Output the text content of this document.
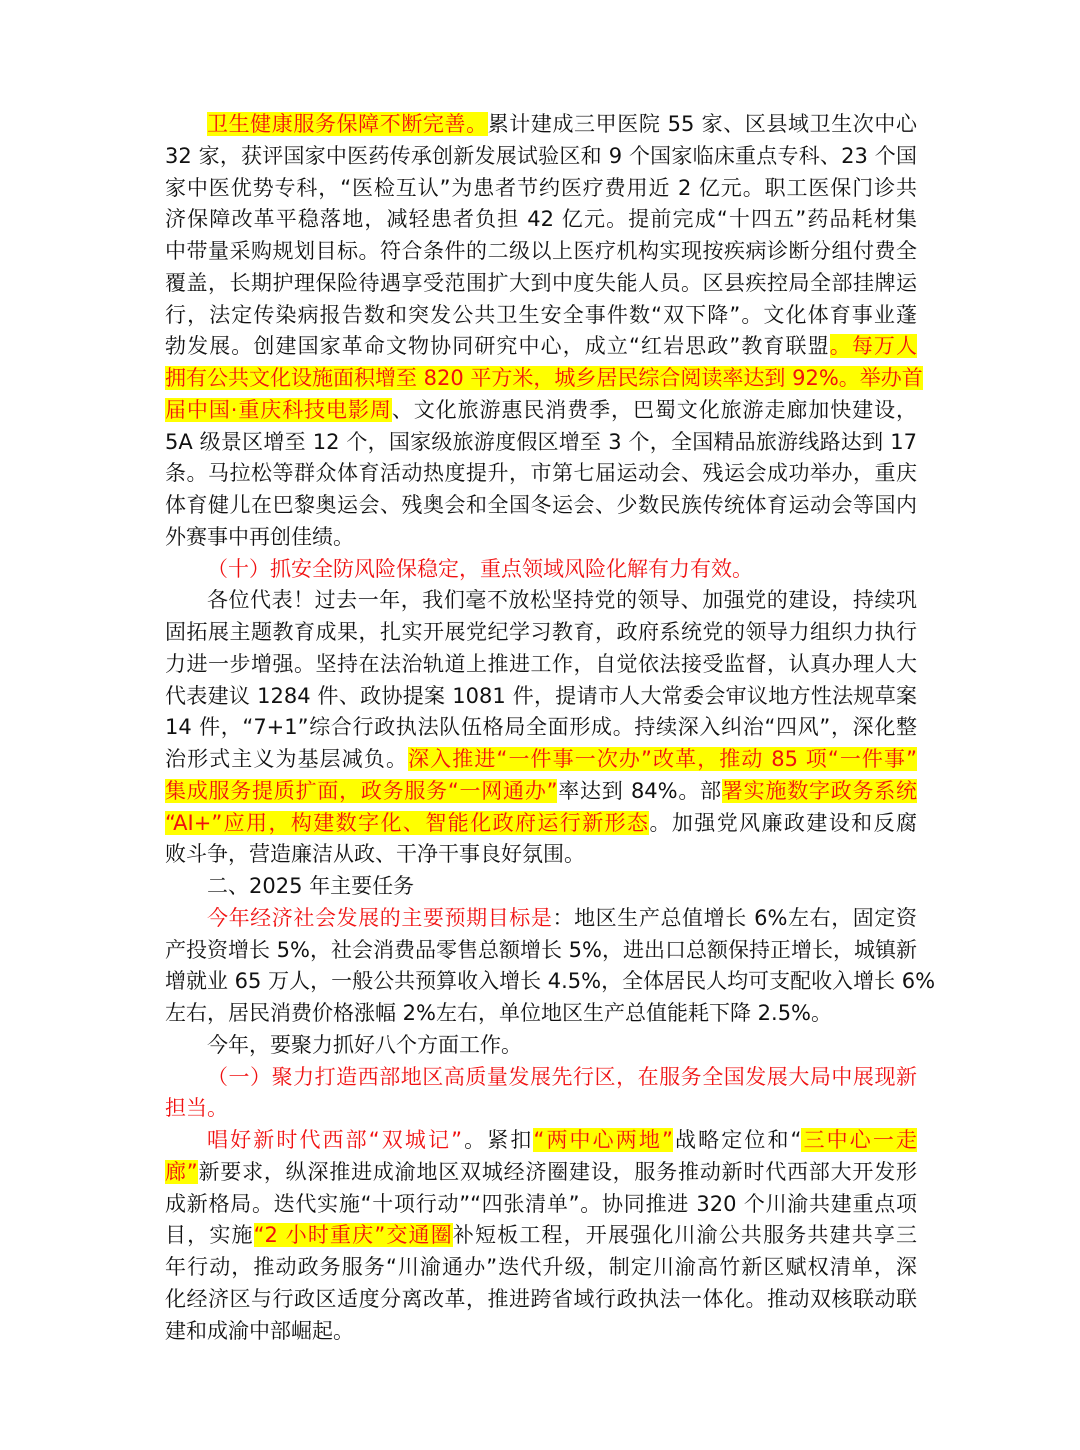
卫生健康服务保障不断完善。累计建成三甲医院 55 家、区县域卫生次中心
32 家，获评国家中医药传承创新发展试验区和 9 个国家临床重点专科、23 个国
家中医优势专科，“医检互认”为患者节约医疗费用近 2 亿元。职工医保门诊共
济保障改革平稳落地，减轻患者负担 42 亿元。提前完成“十四五”药品耗材集
中带量采购规划目标。符合条件的二级以上医疗机构实现按疾病诊断分组付费全
覆盖，长期护理保险待遇享受范围扩大到中度失能人员。区县疾控局全部挂牌运
行，法定传染病报告数和突发公共卫生安全事件数“双下降”。文化体育事业蓬
勃发展。创建国家革命文物协同研究中心，成立“红岩思政”教育联盟。每万人
拥有公共文化设施面积增至 820 平方米，城乡居民综合阅读率达到 92%。举办首
届中国·重庆科技电影周、文化旅游惠民消费季，巴蜀文化旅游走廊加快建设，
5A 级景区增至 12 个，国家级旅游度假区增至 3 个，全国精品旅游线路达到 17
条。马拉松等群众体育活动热度提升，市第七届运动会、残运会成功举办，重庆
体育健儿在巴黎奥运会、残奥会和全国冬运会、少数民族传统体育运动会等国内
外赛事中再创佳绩。
（十）抓安全防风险保稳定，重点领域风险化解有力有效。
各位代表！过去一年，我们毫不放松坚持党的领导、加强党的建设，持续巩
固拓展主题教育成果，扎实开展党纪学习教育，政府系统党的领导力组织力执行
力进一步增强。坚持在法治轨道上推进工作，自觉依法接受监督，认真办理人大
代表建议 1284 件、政协提案 1081 件，提请市人大常委会审议地方性法规草案
14 件，“7+1”综合行政执法队伍格局全面形成。持续深入纠治“四风”，深化整
治形式主义为基层减负。深入推进“一件事一次办”改革，推动 85 项“一件事”
集成服务提质扩面，政务服务“一网通办”率达到 84%。部署实施数字政务系统
“AI+”应用，构建数字化、智能化政府运行新形态。加强党风廉政建设和反腐
败斗争，营造廉洁从政、干净干事良好氛围。
二、2025 年主要任务
今年经济社会发展的主要预期目标是：地区生产总值增长 6%左右，固定资
产投资增长 5%，社会消费品零售总额增长 5%，进出口总额保持正增长，城镇新
增就业 65 万人，一般公共预算收入增长 4.5%，全体居民人均可支配收入增长 6%
左右，居民消费价格涨幅 2%左右，单位地区生产总值能耗下降 2.5%。
今年，要聚力抓好八个方面工作。
（一）聚力打造西部地区高质量发展先行区，在服务全国发展大局中展现新
担当。
唱好新时代西部“双城记”。紧扣“两中心两地”战略定位和“三中心一走
廊”新要求，纵深推进成渝地区双城经济圈建设，服务推动新时代西部大开发形
成新格局。迭代实施“十项行动”“四张清单”。协同推进 320 个川渝共建重点项
目，实施“2 小时重庆”交通圈补短板工程，开展强化川渝公共服务共建共享三
年行动，推动政务服务“川渝通办”迭代升级，制定川渝高竹新区赋权清单，深
化经济区与行政区适度分离改革，推进跨省域行政执法一体化。推动双核联动联
建和成渝中部崛起。
